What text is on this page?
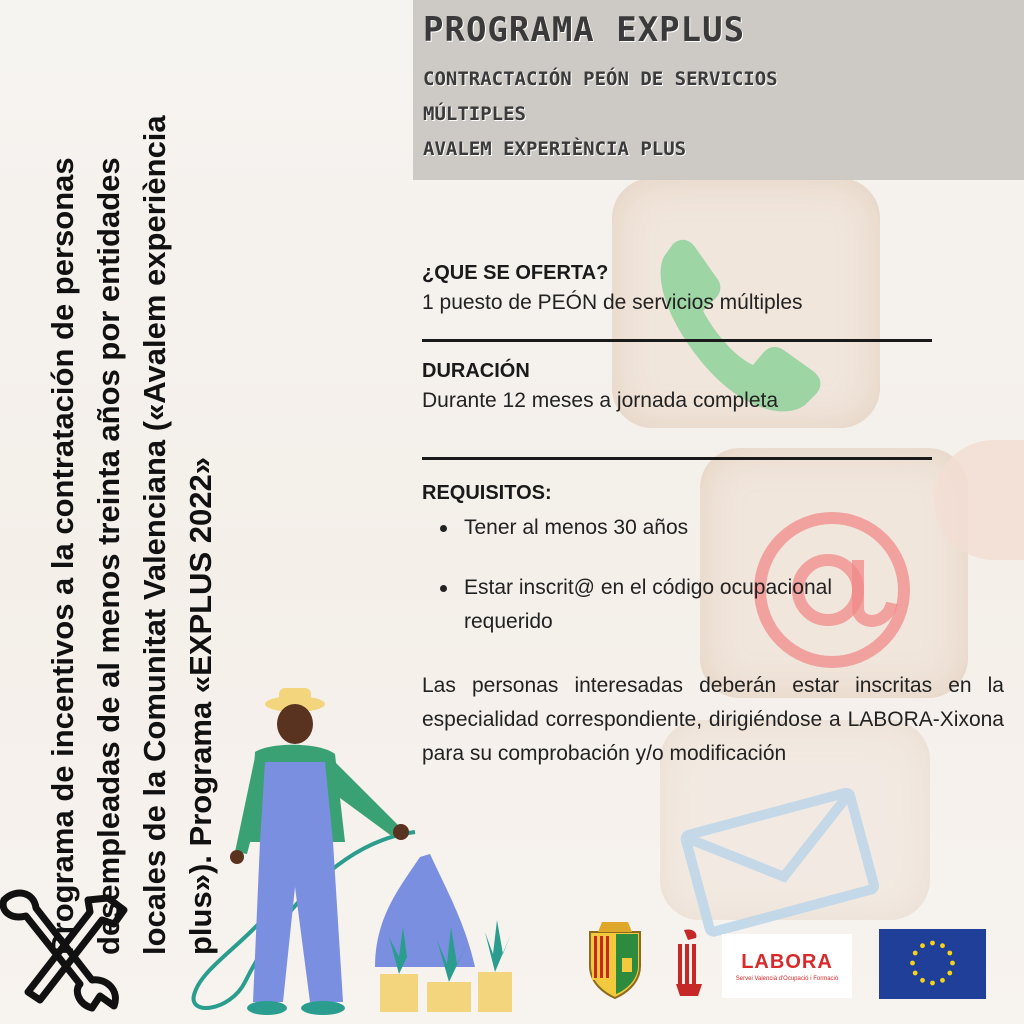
PROGRAMA EXPLUS
CONTRACTACIÓN PEÓN DE SERVICIOS
MÚLTIPLES
AVALEM EXPERIÈNCIA PLUS
Programa de incentivos a la contratación de personas desempleadas de al menos treinta años por entidades locales de la Comunitat Valenciana («Avalem experiència plus»). Programa «EXPLUS 2022»
¿QUE SE OFERTA?
1 puesto de PEÓN de servicios múltiples
DURACIÓN
Durante 12 meses a jornada completa
REQUISITOS:
Tener al menos 30 años
Estar inscrit@ en el código ocupacional requerido
Las personas interesadas deberán estar inscritas en la especialidad correspondiente, dirigiéndose a LABORA-Xixona para su comprobación y/o modificación
LABORA
Servei Valencià d'Ocupació i Formació
